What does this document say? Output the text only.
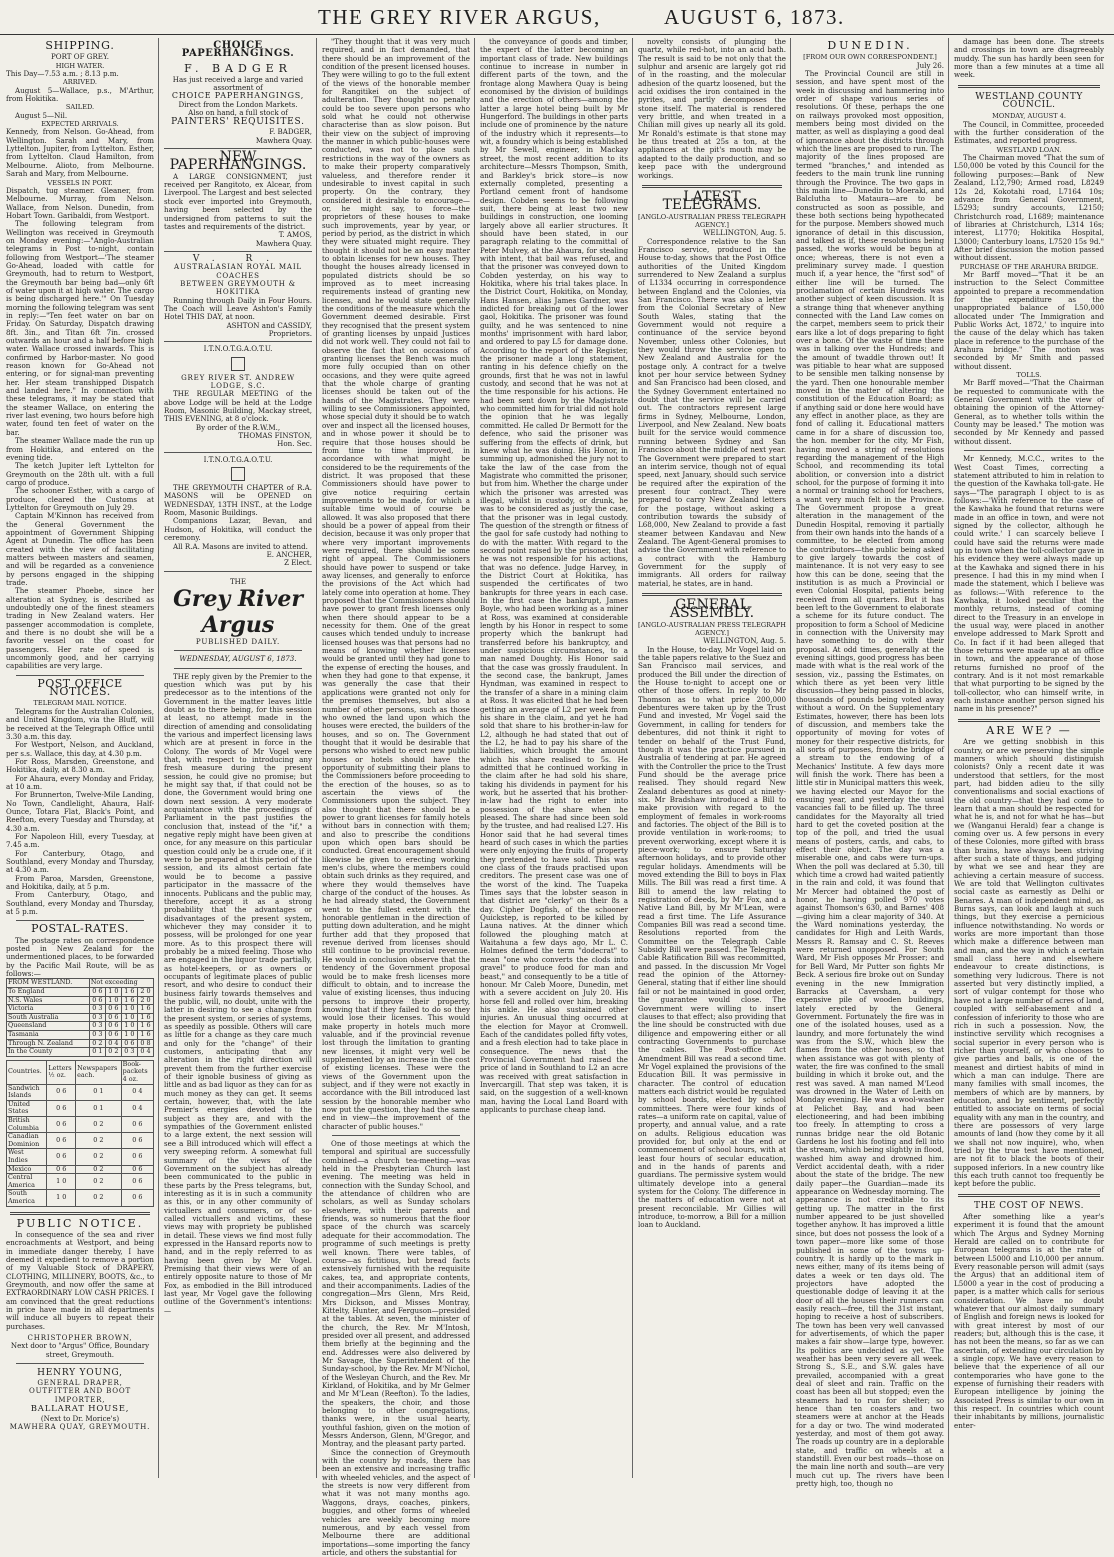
THE GREY RIVER ARGUS,	AUGUST 6, 1873.
SHIPPING.

PORT OF GREY.

HIGH WATER.

This Day—7.53 a.m. ; 8.13 p.m.

ARRIVED.

August 5—Wallace, p.s., M'Arthur, from Hokitika.

SAILED.

August 5—Nil.

EXPECTED ARRIVALS.

Kennedy, from Nelson. Go-Ahead, from Wellington. Sarah and Mary, from Lyttelton. Jupiter, from Lyttelton. Esther, from Lyttelton. Claud Hamilton, from Melbourne. Alioto, from Melbourne. Sarah and Mary, from Melbourne.

VESSELS IN PORT.

Dispatch, tug steamer. Gleaner, from Melbourne. Murray, from Nelson. Wallace, from Nelson. Dunedin, from Hobart Town. Garibaldi, from Westport.

The following telegram from Wellington was received in Greymouth on Monday evening:—"Anglo-Australian telegrams in Post to-night, contain following from Westport—'The steamer Go-Ahead, loaded with cattle for Greymouth, had to return to Westport, the Greymouth bar being bad—only 6ft of water upon it at high water. The cargo is being discharged here.'" On Tuesday morning the following telegram was sent in reply:—"Ten feet water on bar on Friday. On Saturday, Dispatch drawing 8ft. 3in., and Titan 6ft 7in. crossed outwards an hour and a half before high water. Wallace crossed inwards. This is confirmed by Harbor-master. No good reason known for Go-Ahead not entering, or for signal-man preventing her. Her steam transhipped Dispatch and landed here." In connection with these telegrams, it may be stated that the steamer Wallace, on entering the river last evening, two hours before high water, found ten feet of water on the bar.

The steamer Wallace made the run up from Hokitika, and entered on the evening tide.

The ketch Jupiter left Lyttelton for Greymouth on the 28th ult. with a full cargo of produce.

The schooner Esther, with a cargo of produce, cleared the Customs at Lyttelton for Greymouth on July 29.

Captain M'Kinnon has received from the General Government the appointment of Government Shipping Agent at Dunedin. The office has been created with the view of facilitating matters between masters and seamen, and will be regarded as a convenience by persons engaged in the shipping trade.

The steamer Phoebe, since her alteration at Sydney, is described as undoubtedly one of the finest steamers trading in New Zealand waters. Her passenger accommodation is complete, and there is no doubt she will be a favorite vessel on the coast for passengers. Her rate of speed is uncommonly good, and her carrying capabilities are very large.

POST OFFICE NOTICES.

TELEGRAM MAIL NOTICE.

Telegrams for the Australian Colonies, and United Kingdom, via the Bluff, will be received at the Telegraph Office until 3.30 a.m. this day.

For Westport, Nelson, and Auckland, per s.s. Wallace, this day, at 4.30 p.m.

For Ross, Marsden, Greenstone, and Hokitika, daily, at 8.30 a.m.

For Ahaura, every Monday and Friday, at 10 a.m.

For Brunnerton, Twelve-Mile Landing, No Town, Candlelight, Ahaura, Half-Ounce, Totara Flat, Black's Point, and Reefton, every Tuesday and Thursday, at 4.30 a.m.

For Napoleon Hill, every Tuesday, at 7.45 a.m.

For Canterbury, Otago, and Southland, every Monday and Thursday, at 4.30 a.m.

From Paroa, Marsden, Greenstone, and Hokitika, daily, at 5 p.m.

From Canterbury, Otago, and Southland, every Monday and Thursday, at 5 p.m.

POSTAL-RATES.

The postage rates on correspondence posted in New Zealand for the undermentioned places, to be forwarded by the Pacific Mail Route, will be as follows:—

FROM WESTLAND.	Not exceeding			
To England	0 6	1 0	1 6	2 0
N.S. Wales	0 6	1 0	1 6	2 0
Victoria	0 3	0 6	1 0	1 6
South Australia	0 3	0 6	1 0	1 6
Queensland	0 3	0 6	1 0	1 6
Tasmania	0 3	0 6	1 0	1 6
Through N. Zealand	0 2	0 4	0 6	0 8
In the County	0 1	0 2	0 3	0 4
Countries.	Letters ½ oz.	Newspapers each.	Book-packets 4 oz.
Sandwich Islands	0 6	0 1	0 4
United States	0 6	0 1	0 4
British Columbia	0 6	0 2	0 6
Canadian Dominion	0 6	0 2	0 6
West Indies	0 6	0 2	0 6
Mexico	0 6	0 2	0 6
Central America	1 0	0 2	0 6
South America	1 0	0 2	0 6
PUBLIC NOTICE.

In consequence of the sea and river encroachments at Westport, and being in immediate danger thereby, I have deemed it expedient to remove a portion of my Valuable Stock of DRAPERY, CLOTHING, MILLINERY, BOOTS, &c., to Greymouth, and now offer the same at EXTRAORDINARY LOW CASH PRICES. I am convinced that the great reductions in price have made in all departments will induce all buyers to repeat their purchases.

CHRISTOPHER BROWN,

Next door to "Argus" Office, Boundary street, Greymouth.

HENRY YOUNG,

GENERAL DRAPER,

OUTFITTER AND BOOT IMPORTER,

BALLARAT HOUSE,

(Next to Dr. Morice's)

MAWHERA QUAY, GREYMOUTH.

CHOICE PAPERHANGINGS.

F. BADGER

Has just received a large and varied assortment of

CHOICE PAPERHANGINGS,

Direct from the London Markets.

Also on hand, a full stock of

PAINTERS' REQUISITES.

F. BADGER,

Mawhera Quay.

NEW PAPERHANGINGS.

A LARGE CONSIGNMENT, just received per Rangitoto, ex Alcear, from Liverpool. The Largest and best selected stock ever imported into Greymouth, having been selected by the undersigned from patterns to suit the tastes and requirements of the district.

T. AMOS,

Mawhera Quay.

V. R.

AUSTRALASIAN ROYAL MAIL COACHES

BETWEEN GREYMOUTH & HOKITIKA

Running through Daily in Four Hours. The Coach will Leave Ashton's Family Hotel THIS DAY, at noon.

ASHTON and CASSIDY,

Proprietors.

I.T.N.O.T.G.A.O.T.U.

GREY RIVER ST. ANDREW LODGE, S.C.

THE REGULAR MEETING of the above Lodge will be held at the Lodge Room, Masonic Building, Mackay street, THIS EVENING, at 8 o'clock.

By order of the R.W.M.,

THOMAS FINSTON,

Hon. Sec.

I.T.N.O.T.G.A.O.T.U.

THE GREYMOUTH CHAPTER of R.A. MASONS will be OPENED on WEDNESDAY, 13TH INST., at the Lodge Room, Masonic Buildings.

Companions Lazar, Bevan, and Hudson, of Hokitika, will conduct the ceremony.

All R.A. Masons are invited to attend.

E. ANCHER,

Z Elect.

THE

Grey River Argus

PUBLISHED DAILY.

WEDNESDAY, AUGUST 6, 1873.

THE reply given by the Premier to the question which was put by his predecessor as to the intentions of the Government in the matter leaves little doubt as to there being, for this session at least, no attempt made in the direction of amending and consolidating the various and imperfect licensing laws which are at present in force in the Colony. The words of Mr Vogel were that, with respect to introducing any fresh measure during the present session, he could give no promise; but he might say that, if that could not be done, the Government would bring one down next session. A very moderate acquaintance with the proceedings of Parliament in the past justifies the conclusion that, instead of the "if," a negative reply might have been given at once, for any measure on this particular question could only be a crude one, if it were to be prepared at this period of the session, and its almost certain fate would be to become a passive participator in the massacre of the innocents. Publicans and the public may, therefore, accept it as a strong probability that the advantages or disadvantages of the present system, whichever they may consider it to possess, will be prolonged for one year more. As to this prospect there will probably be a mixed feeling. Those who are engaged in the liquor trade partially, as hotel-keepers, or as owners or occupants of legitimate places of public resort, and who desire to conduct their business fairly towards themselves and the public, will, no doubt, unite with the latter in desiring to see a change from the present system, or series of systems, as speedily as possible. Others will care as little for a change as they care much and only for the "change" of their customers, anticipating that any alteration in the right direction will prevent them from the further exercise of their ignoble business of giving as little and as bad liquor as they can for as much money as they can get. It seems certain, however, that, with the late Premier's energies devoted to the subject as they are, and with the sympathies of the Government enlisted to a large extent, the next session will see a Bill introduced which will effect a very sweeping reform. A somewhat full summary of the views of the Government on the subject has already been communicated to the public in these parts by the Press telegrams, but, interesting as it is in such a community as this, or in any other community of victuallers and consumers, or of so-called victuallers and victims, these views may with propriety be published in detail. These views we find most fully expressed in the Hansard reports now to hand, and in the reply referred to as having been given by Mr Vogel. Premising that their views were of an entirely opposite nature to those of Mr Fox, as embodied in the Bill introduced last year, Mr Vogel gave the following outline of the Government's intentions:—

"They thought that it was very much required, and in fact demanded, that there should be an improvement of the condition of the present licensed houses. They were willing to go to the full extent of the views of the honorable member for Rangitikei on the subject of adulteration. They thought no penalty could be too severe upon persons who sold what he could not otherwise characterise than as slow poison. But their view on the subject of improving the manner in which public-houses were conducted, was not to place such restrictions in the way of the owners as to make their property comparatively valueless, and therefore render it undesirable to invest capital in such property. On the contrary, they considered it desirable to encourage—or, he might say, to force—the proprietors of these houses to make such improvements, year by year, or period by period, as the district in which they were situated might require. They thought it should not be an easy matter to obtain licenses for new houses. They thought the houses already licensed in populated districts should be so improved as to meet increasing requirements instead of granting new licenses, and he would state generally the conditions of the measure which the Government deemed desirable. First they recognised that the present system of granting licenses by unpaid Justices did not work well. They could not fail to observe the fact that on occasions of granting licenses the Bench was much more fully occupied than on other occasions, and they were quite agreed that the whole charge of granting licenses should be taken out of the hands of the Magistrates. They were willing to see Commissioners appointed, whose special duty it should be to watch over and inspect all the licensed houses, and in whose power it should be to require that those houses should be from time to time improved, in accordance with what might be considered to be the requirements of the district. It was proposed that these Commissioners should have power to give notice requiring certain improvements to be made, for which a suitable time would of course be allowed. It was also proposed that there should be a power of appeal from their decision, because it was only proper that where very important improvements were required, there should be some right of appeal. The Commissioners should have power to suspend or take away licenses, and generally to enforce the provisions of the Act which had lately come into operation at home. They proposed that the Commissioners should have power to grant fresh licenses only when there should appear to be a necessity for them. One of the great causes which tended unduly to increase licensed houses was that persons had no means of knowing whether licenses would be granted until they had gone to the expense of erecting the houses, and when they had gone to that expense, it was generally the case that their applications were granted not only for the premises themselves, but also a number of other persons, such as those who owned the land upon which the houses were erected, the builders of the houses, and so on. The Government thought that it would be desirable that persons who wished to erect new public houses or hotels should have the opportunity of submitting their plans to the Commissioners before proceeding to the erection of the houses, so as to ascertain the views of the Commissioners upon the subject. They also thought that there should be a power to grant licenses for family hotels without bars in connection with them; and also to prescribe the conditions upon which open bars should be conducted. Great encouragement should likewise be given to erecting working men's clubs, where the members could obtain such drinks as they required, and where they would themselves have charge of the conduct of the houses. As he had already stated, the Government went to the fullest extent with the honorable gentleman in the direction of putting down adulteration, and he might further add that they proposed that revenue derived from licenses should still continue to be provincial revenue. He would in conclusion observe that the tendency of the Government proposal would be to make fresh licenses more difficult to obtain, and to increase the value of existing licenses, thus inducing persons to improve their property, knowing that if they failed to do so they would lose their licenses. This would make property in hotels much more valuable, and if the provincial revenue lost through the limitation to granting new licenses, it might very well be supplemented by an increase in the cost of existing licenses. These were the views of the Government upon the subject, and if they were not exactly in accordance with the Bill introduced last session by the honorable member who now put the question, they had the same end in view—the improvement of the character of public houses."

One of those meetings at which the temporal and spiritual are successfully combined—a church tea-meeting—was held in the Presbyterian Church last evening. The meeting was held in connection with the Sunday School, and the attendance of children who are scholars, as well as Sunday scholars elsewhere, with their parents and friends, was so numerous that the floor space of the church was scarcely adequate for their accommodation. The programme of such meetings is pretty well known. There were tables, of course—as fictitious, but bread facts extensively furnished with the requisite cakes, tea, and appropriate contents, and their accompaniments. Ladies of the congregation—Mrs Glenn, Mrs Reid, Mrs Dickson, and Misses Montray, Kittelty, Hunter, and Ferguson—presided at the tables. At seven, the minister of the church, the Rev. Mr M'Intosh, presided over all present, and addressed them briefly at the beginning and the end. Addresses were also delivered by Mr Savage, the Superintendent of the Sunday-school, by the Rev. Mr M'Nichol, of the Wesleyan Church, and the Rev. Mr Kirkland, of Hokitika, and by Mr Gelmer and Mr M'Lean (Reefton). To the ladies, the speakers, the choir, and those belonging to other congregations, thanks were, in the usual hearty, youthful fashion, given on the motion of Messrs Anderson, Glenn, M'Gregor, and Montray, and the pleasant party parted.

Since the connection of Greymouth with the country by roads, there has been an extensive and increasing traffic with wheeled vehicles, and the aspect of the streets is now very different from what it was not many months ago. Waggons, drays, coaches, pinkers, buggies, and other forms of wheeled vehicles are weekly becoming more numerous, and by each vessel from Melbourne there are additional importations—some importing the fancy article, and others the substantial for

the conveyance of goods and timber, the expert of the latter becoming an important class of trade. New buildings continue to increase in number in different parts of the town, and the frontage along Mawhera Quay is being economised by the division of buildings and the erection of others—among the latter a large hotel being built by Mr Hungerford. The buildings in other parts include one of prominence by the nature of the industry which it represents—to wit, a foundry which is being established by Mr Sewell, engineer, in Mackay street, the most recent addition to its architecture—Messrs Thompson, Smith, and Barkley's brick store—is now externally completed, presenting a Portland cement front of handsome design. Cobden seems to be following suit, there being at least two new buildings in construction, one looming largely above all earlier structures. It should have been stated, in our paragraph relating to the committal of Peter Mulvey, at the Ahaura, for stealing with intent, that bail was refused, and that the prisoner was conveyed down to Cobden yesterday, on his way to Hokitika, where his trial takes place. In the District Court, Hokitika, on Monday, Hans Hansen, alias James Gardner, was indicted for breaking out of the lower gaol, Hokitika. The prisoner was found guilty, and he was sentenced to nine months' imprisonment with hard labor, and ordered to pay L5 for damage done. According to the report of the Register, the prisoner made a long statement, ranting in his defence chiefly on the grounds, first that he was not in lawful custody, and second that he was not at the time responsible for his actions. He had been sent down by the Magistrate who committed him for trial did not hold the opinion that he was legally committed. He called Dr Bermott for the defence, who said the prisoner was suffering from the effects of drink, but knew what he was doing. His Honor, in summing up, admonished the jury not to take the law of the case from the Magistrate who committed the prisoner, but from him. Whether the charge under which the prisoner was arrested was illegal, whilst in custody, or drunk, he was to be considered as justly the case, that the prisoner was in legal custody. The question of the strength or fitness of the gaol for safe custody had nothing to do with the matter. With regard to the second point raised by the prisoner, that he was not responsible for his actions, that was no defence. Judge Harvey, in the District Court at Hokitika, has suspended the certificates of two bankrupts for three years in each case. In the first case the bankrupt, James Boyle, who had been working as a miner at Ross, was examined at considerable length by his Honor in respect to some property which the bankrupt had transferred before his bankruptcy, and under suspicious circumstances, to a man named Doughty. His Honor said that the case was grossly fraudulent. In the second case, the bankrupt, James Hyndman, was examined in respect to the transfer of a share in a mining claim at Ross. It was elicited that he had been getting an average of L2 per week from his share in the claim, and yet he had sold that share to his brother-in-law for L2, although he had stated that out of the L2, he had to pay his share of the liabilities, which brought the amount which his share realised to 5s. He admitted that he continued working in the claim after he had sold his share, taking his dividends in payment for his work, but he asserted that his brother-in-law had the right to enter into possession of the share when he pleased. The share had since been sold by the trustee, and had realised L27. His Honor said that he had several times heard of such cases in which the parties were only enjoying the fruits of property they pretended to have sold. This was one class of the frauds practised upon creditors. The present case was one of the worst of the kind. The Tuapeka Times says that the lobster season in that district are "clerky" on their 8s a day. Cipher Dogfish, of the schooner Quickstep, is reported to be killed by Launa natives. At the dinner which followed the ploughing match at Waitahuna a few days ago, Mr L. C. Holmes defined the term "dodecrat" to mean "one who converts the clods into gravel" to produce food for man and beast," and consequently to be a title of honour. Mr Caleb Moore, Dunedin, met with a severe accident on July 20. His horse fell and rolled over him, breaking his ankle. He also sustained other injuries. An unusual thing occurred at the election for Mayor at Cromwell. Each of the candidates polled fifty votes, and a fresh election had to take place in consequence. The news that the Provincial Government had raised the price of land in Southland to L2 an acre was received with great satisfaction in Invercargill. That step was taken, it is said, on the suggestion of a well-known man, having the Local Land Board with applicants to purchase cheap land.

novelty consists of plunging the quartz, while red-hot, into an acid bath. The result is said to be not only that the sulphur and arsenic are largely got rid of in the roasting, and the molecular adhesion of the quartz loosened, but the acid oxidises the iron contained in the pyrites, and partly decomposes the stone itself. The material is rendered very brittle, and when treated in a Chilian mill gives up nearly all its gold. Mr Ronald's estimate is that stone may be thus treated at 25s a ton, at the appliances at the pit's mouth may be adapted to the daily production, and so keep pace with the underground workings.

LATEST TELEGRAMS.

[ANGLO-AUSTRALIAN PRESS TELEGRAPH AGENCY.]

WELLINGTON, Aug. 5.

Correspondence relative to the San Francisco service, produced in the House to-day, shows that the Post Office authorities of the United Kingdom surrendered to New Zealand a surplus of L1334 occurring in correspondence between England and the Colonies, via San Francisco. There was also a letter from the Colonial Secretary of New South Wales, stating that the Government would not require a continuance of the service beyond November, unless other Colonies, but they would throw the service open to New Zealand and Australia for the postage only. A contract for a twelve knot per hour service between Sydney and San Francisco had been closed, and the Sydney Government entertained no doubt that the service will be carried out. The contractors represent large firms in Sydney, Melbourne, London, Liverpool, and New Zealand. New boats built for the service would commence running between Sydney and San Francisco about the middle of next year. The Government were prepared to start an interim service, though not of equal speed, next January, should such service be required after the expiration of the present four contract. They were prepared to carry New Zealand letters for the postage, without asking a contribution towards the subsidy of L68,000, New Zealand to provide a fast steamer between Kandavau and New Zealand. The Agent-General promises to advise the Government with reference to a contract with the Hamburg Government for the supply of immigrants. All orders for railway material, he states, are in hand.

GENERAL ASSEMBLY.

[ANGLO-AUSTRALIAN PRESS TELEGRAPH AGENCY.]

WELLINGTON, Aug. 5.

In the House, to-day, Mr Vogel laid on the table papers relative to the Suez and San Francisco mail services, and produced the Bill under the direction of the House to-night to accept one or other of those offers. In reply to Mr Thomson as to what price 200,000 debentures were taken up by the Trust Fund and invested, Mr Vogel said the Government, in calling for tenders for debentures, did not think it right to tender on behalf of the Trust Fund, though it was the practice pursued in Australia of tendering at par. He agreed with the Controller the price to the Trust Fund should be the average price realised. They should regard New Zealand debentures as good at ninety-six. Mr Bradshaw introduced a Bill to make provision with regard to the employment of females in work-rooms and factories. The object of the Bill is to provide ventilation in work-rooms; to prevent overworking, except where it is piece-work; to ensure Saturday afternoon holidays, and to provide other regular holidays. Amendments will be moved extending the Bill to boys in Flax Mills. The Bill was read a first time. A Bill to amend the law relating to registration of deeds, by Mr Fox, and a Native Land Bill, by Mr M'Lean, were read a first time. The Life Assurance Companies Bill was read a second time. Resolutions reported from the Committee on the Telegraph Cable Subsidy Bill were passed. The Telegraph Cable Ratification Bill was recommitted, and passed. In the discussion Mr Vogel read the opinion of the Attorney-General, stating that if either line should fail or not be maintained in good order, the guarantee would close. The Government were willing to insert clauses to that effect; also providing that the line should be constructed with due diligence and empowering either or all contracting Governments to purchase the cables. The Post-office Act Amendment Bill was read a second time. Mr Vogel explained the provisions of the Education Bill. It was permissive in character. The control of education matters each district would be regulated by school boards, elected by school committees. There were four kinds of rates—a uniform rate on capital, value of property, and annual value, and a rate on adults. Religious education was provided for, but only at the end or commencement of school hours, with at least four hours of secular education, and in the hands of parents and guardians. The permissive system would ultimately develope into a general system for the Colony. The difference in the matters of education were not at present reconcilable. Mr Gillies will introduce, to-morrow, a Bill for a million loan to Auckland.

DUNEDIN.

[FROM OUR OWN CORRESPONDENT.]

July 26.

The Provincial Council are still in session, and have spent most of the week in discussing and hammering into order of shape various series of resolutions. Of these, perhaps the one on railways provoked most opposition, members being most divided on the matter, as well as displaying a good deal of ignorance about the districts through which the lines are proposed to run. The majority of the lines proposed are termed "branches," and intended as feeders to the main trunk line running through the Province. The two gaps in this main line—Dunedin to Moeraki, and Balclutha to Mataura—are to be constructed as soon as possible, and these both sections being hypothecated for the purpose. Members showed much ignorance of detail in this discussion, and talked as if, these resolutions being passed, the works would be begun at once; whereas, there is not even a preliminary survey made. I question much if, a year hence, the "first sod" of either line will be turned. The proclamation of certain Hundreds was another subject of keen discussion. It is a strange thing that whenever anything connected with the Land Law comes on the carpet, members seem to prick their ears like a lot of dogs preparing to fight over a bone. Of the waste of time there was in talking over the Hundreds; and the amount of twaddle thrown out! It was pitiable to hear what are supposed to be sensible men talking nonsense by the yard. Then one honourable member moved in the matter of altering the constitution of the Education Board; as if anything said or done here would have any effect in another place, as they are fond of calling it. Educational matters came in for a share of discussion too, the hon. member for the city, Mr Fish, having moved a string of resolutions regarding the management of the High School, and recommending its total abolition, or conversion into a district school, for the purpose of forming it into a normal or training school for teachers, a want very much felt in the Province. The Government propose a great alteration in the management of the Dunedin Hospital, removing it partially from their own hands into the hands of a committee, to be elected from among the contributors—the public being asked to give largely towards the cost of maintenance. It is not very easy to see how this can be done, seeing that the institution is as much a Provincial or even Colonial Hospital, patients being received from all quarters. But it has been left to the Government to elaborate a scheme for its future conduct. The proposition to form a School of Medicine in connection with the University may have something to do with their proposal. At odd times, generally at the evening sittings, good progress has been made with what is the real work of the session, viz., passing the Estimates, on which there as yet been very little discussion—they being passed in blocks, thousands of pounds being voted away without a word. On the Supplementary Estimates, however, there has been lots of discussion, and members take the opportunity of moving for votes of money for their respective districts, for all sorts of purposes, from the bridge of a stream to the endowing of a Mechanics' Institute. A few days more will finish the work. There has been a little stir in Municipal matters this week, we having elected our Mayor for the ensuing year, and yesterday the usual vacancies fall to be filled up. The three candidates for the Mayoralty all tried hard to get the coveted position at the top of the poll, and tried the usual means of posters, cards, and cabs, to effect their object. The day was a miserable one, and cabs were turn-ups. When the poll was declared at 5.30, till which time a crowd had waited patiently in the rain and cold, it was found that Mr Mercer had obtained the post of honor, he having polled 970 votes against Thomson's 630, and Barnes' 408—giving him a clear majority of 340. At the Ward nominations yesterday, the candidates for High and Leith Wards, Messrs R. Ramsay and C. St. Reeves were returned unopposed. For South Ward, Mr Fish opposes Mr Prosser; and for Bell Ward, Mr Putter son fights Mr Beck. A serious fire broke out on Sunday evening in the new Immigration Barracks at Caversham, a very expensive pile of wooden buildings, lately erected by the General Government. Fortunately the fire was in one of the isolated houses, used as a laundry, and more fortunately the wind was from the S.W., which blew the flames from the other houses, so that when assistance was got with plenty of water, the fire was confined to the small building in which it broke out, and the rest was saved. A man named M'Leod was drowned in the Water of Leith on Monday evening. He was a wool-washer at Pelichet Bay, and had been electioneering, and had been imbibing too freely. In attempting to cross a runnas bridge near the old Botanic Gardens he lost his footing and fell into the stream, which being slightly in flood, washed him away and drowned him. Verdict accidental death, with a rider about the state of the bridge. The new daily paper—the Guardian—made its appearance on Wednesday morning. The appearance is not creditable to its getting up. The matter in the first number appeared to be just shovelled together anyhow. It has improved a little since, but does not possess the look of a town paper—more like some of those published in some of the towns up-country. It is hardly up to the mark in news either, many of its items being of dates a week or ten days old. The projectors have adopted the questionable dodge of leaving it at the door of all the houses their runners can easily reach—free, till the 31st instant, hoping to receive a host of subscribers. The town has been very well canvassed for advertisements, of which the paper makes a fair show—large type, however. Its politics are undecided as yet. The weather has been very severe all week. Strong S., S.E., and S.W. gales have prevailed, accompanied with a great deal of sleet and rain. Traffic on the coast has been all but stopped; even the steamers had to run for shelter; so hence than ten coasters and two steamers were at anchor at the Heads for a day or two. The wind moderated yesterday, and most of them got away. The roads up country are in a deplorable state, and traffic on wheels at a standstill. Even our best roads—those on the main line north and south—are very much cut up. The rivers have been pretty high, too, though no

damage has been done. The streets and crossings in town are disagreeably muddy. The sun has hardly been seen for more than a few minutes at a time all week.

WESTLAND COUNTY COUNCIL.

MONDAY, AUGUST 4.

The Council, in Committee, proceeded with the further consideration of the Estimates, and reported progress.

WESTLAND LOAN.

The Chairman moved "That the sum of L50,000 be voted by this Council for the following purposes:—Bank of New Zealand, L12,790; Armed road, L8249 12s 2d, Kokotahi road, L7164 10s; advance from General Government, L5293; sundry accounts, L2150; Christchurch road, L1689; maintenance of libraries at Christchurch, L314 16s; interest, L1770; Hokitika Hospital, L3000; Canterbury loans, L7520 15s 9d." After brief discussion the motion passed without dissent.

PURCHASE OF THE ARAHURA BRIDGE.

Mr Barff moved—"That it be an instruction to the Select Committee appointed to prepare a recommendation for the expenditure as the unappropriated balance of L50,000 allocated under 'The Immigration and Public Works Act, 1872,' to inquire into the cause of the delay which has taken place in reference to the purchase of the Arahura bridge." The motion was seconded by Mr Smith and passed without dissent.

TOLLS.

Mr Barff moved—"That the Chairman be requested to communicate with the General Government with the view of obtaining the opinion of the Attorney-General, as to whether tolls within the County may be leased." The motion was seconded by Mr Kennedy and passed without dissent.

Mr Kennedy, M.C.C., writes to the West Coast Times, correcting a statement attributed to him in relation to the question of the Kawhaka toll-gate. He says—"The paragraph I object to is as follows:—'With reference to the case of the Kawhaka he found that returns were made in an office in town, and were not signed by the collector, although he could write.' I can scarcely believe I could have said the returns were made up in town when the toll-collector gave in his evidence they were always made up at the Kawhaka and signed there in his presence. I had this in my mind when I made the statement, which I believe was as follows:—'With reference to the Kawhaka, it looked peculiar that the monthly returns, instead of coming direct to the Treasury in an envelope in the usual way, were placed in another envelope addressed to Mark Sprott and Co. In fact if it had been alleged that those returns were made up at an office in town, and the appearance of those returns furnished no proof of the contrary. And is it not most remarkable that what purporting to be signed by the toll-collector, who can himself write, in each instance another person signed his name in his presence?"

ARE WE? —

Are we getting snobbish in this country, or are we preserving the simple manners which should distinguish colonists? Only a recent date it was understood that settlers, for the most part, had bidden adieu to the silly conventionalisms and social exactions of the old country—that they had come to learn that a man should be respected for what he is, and not for what he has—but we (Wanganui Herald) fear a change is coming over us. A few persons in every of these Colonies, more gifted with brass than brains, have always been striving after such a state of things, and judging by what we see and hear they are achieving a certain measure of success. We are told that Wellington cultivates social caste as earnestly as Delhi or Benares. A man of independent mind, as Burns says, can look and laugh at such things, but they exercise a pernicious influence notwithstanding. No words or works are more important than those which make a difference between man and man, and the way in which a certain small class here and elsewhere endeavour to create distinctions, is something very ludicrous. There is not asserted but very distinctly implied, a sort of vulgar contempt for those who have not a large number of acres of land, coupled with self-abasement and a confession of inferiority to those who are rich in such a possession. Now, the instinctive servility which recognises a social superior in every person who is richer than yourself, or who chooses to give parties and balls, is one of the meanest and dirtiest habits of mind in which a man can indulge. There are many families with small incomes, the members of which are by manners, by education, and by sentiment, perfectly entitled to associate on terms of social equality with any man in the country, and there are possessors of very large amounts of land (how they come by it all we shall not now inquire), who, when tried by the true test have mentioned, are not fit to black the boots of their supposed inferiors. In a new country like this each truth cannot too frequently be kept before the public.

THE COST OF NEWS.

After something like a year's experiment it is found that the amount which The Argus and Sydney Morning Herald are called on to contribute for European telegrams is at the rate of between L5000 and L10,000 per annum. Every reasonable person will admit (says the Argus) that an additional item of L5000 a year in the cost of producing a paper, is a matter which calls for serious consideration. We have no doubt whatever that our almost daily summary of English and foreign news is looked for with great interest by most of our readers; but, although this is the case, it has not been the means, so far as we can ascertain, of extending our circulation by a single copy. We have every reason to believe that the experience of all our contemporaries who have gone to the expense of furnishing their readers with European intelligence by joining the Associated Press is similar to our own in this respect. In countries which count their inhabitants by millions, journalistic enter-
